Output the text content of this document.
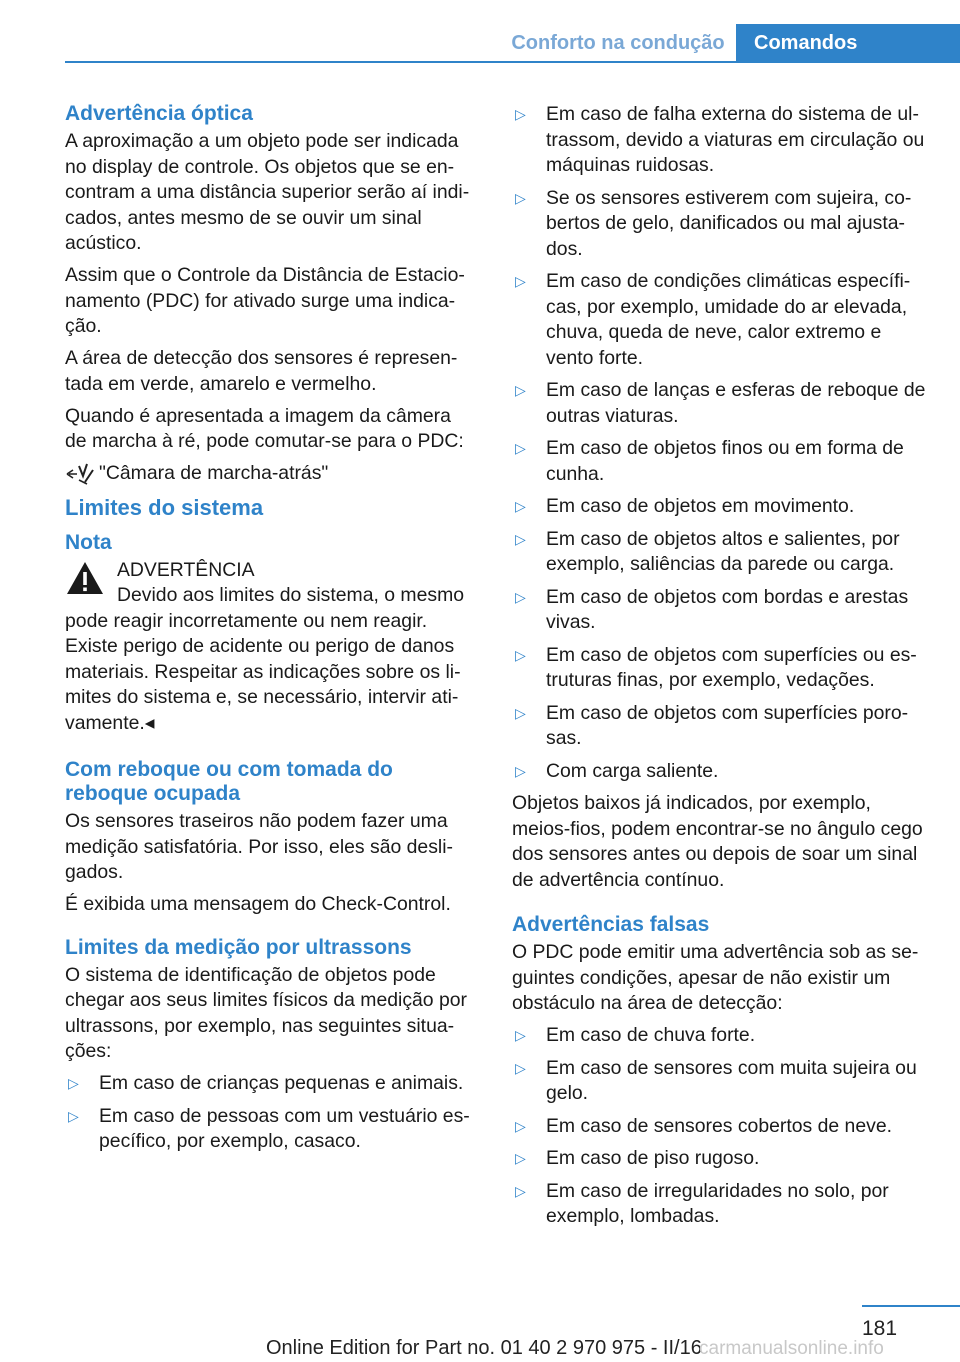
Conforto na condução	Comandos
Advertência óptica

A aproximação a um objeto pode ser indicada no display de controle. Os objetos que se en-contram a uma distância superior serão aí indi-cados, antes mesmo de se ouvir um sinal acústico.

Assim que o Controle da Distância de Estacio-namento (PDC) for ativado surge uma indica-ção.

A área de detecção dos sensores é represen-tada em verde, amarelo e vermelho.

Quando é apresentada a imagem da câmera de marcha à ré, pode comutar-se para o PDC:

"Câmara de marcha-atrás"
Limites do sistema
Nota
ADVERTÊNCIA

Devido aos limites do sistema, o mesmo pode reagir incorretamente ou nem reagir. Existe perigo de acidente ou perigo de danos materiais. Respeitar as indicações sobre os li-mites do sistema e, se necessário, intervir ati-vamente.◂

Com reboque ou com tomada do reboque ocupada

Os sensores traseiros não podem fazer uma medição satisfatória. Por isso, eles são desli-gados.

É exibida uma mensagem do Check-Control.

Limites da medição por ultrassons

O sistema de identificação de objetos pode chegar aos seus limites físicos da medição por ultrassons, por exemplo, nas seguintes situa-ções:

▷ Em caso de crianças pequenas e animais.
▷ Em caso de pessoas com um vestuário es-pecífico, por exemplo, casaco.
▷ Em caso de falha externa do sistema de ul-trassom, devido a viaturas em circulação ou máquinas ruidosas.
▷ Se os sensores estiverem com sujeira, co-bertos de gelo, danificados ou mal ajusta-dos.
▷ Em caso de condições climáticas específi-cas, por exemplo, umidade do ar elevada, chuva, queda de neve, calor extremo e vento forte.
▷ Em caso de lanças e esferas de reboque de outras viaturas.
▷ Em caso de objetos finos ou em forma de cunha.
▷ Em caso de objetos em movimento.
▷ Em caso de objetos altos e salientes, por exemplo, saliências da parede ou carga.
▷ Em caso de objetos com bordas e arestas vivas.
▷ Em caso de objetos com superfícies ou es-truturas finas, por exemplo, vedações.
▷ Em caso de objetos com superfícies poro-sas.
▷ Com carga saliente.

Objetos baixos já indicados, por exemplo, meios-fios, podem encontrar-se no ângulo cego dos sensores antes ou depois de soar um sinal de advertência contínuo.

Advertências falsas

O PDC pode emitir uma advertência sob as se-guintes condições, apesar de não existir um obstáculo na área de detecção:

▷ Em caso de chuva forte.
▷ Em caso de sensores com muita sujeira ou gelo.
▷ Em caso de sensores cobertos de neve.
▷ Em caso de piso rugoso.
▷ Em caso de irregularidades no solo, por exemplo, lombadas.
181
Online Edition for Part no. 01 40 2 970 975 - II/16
carmanualsonline.info
